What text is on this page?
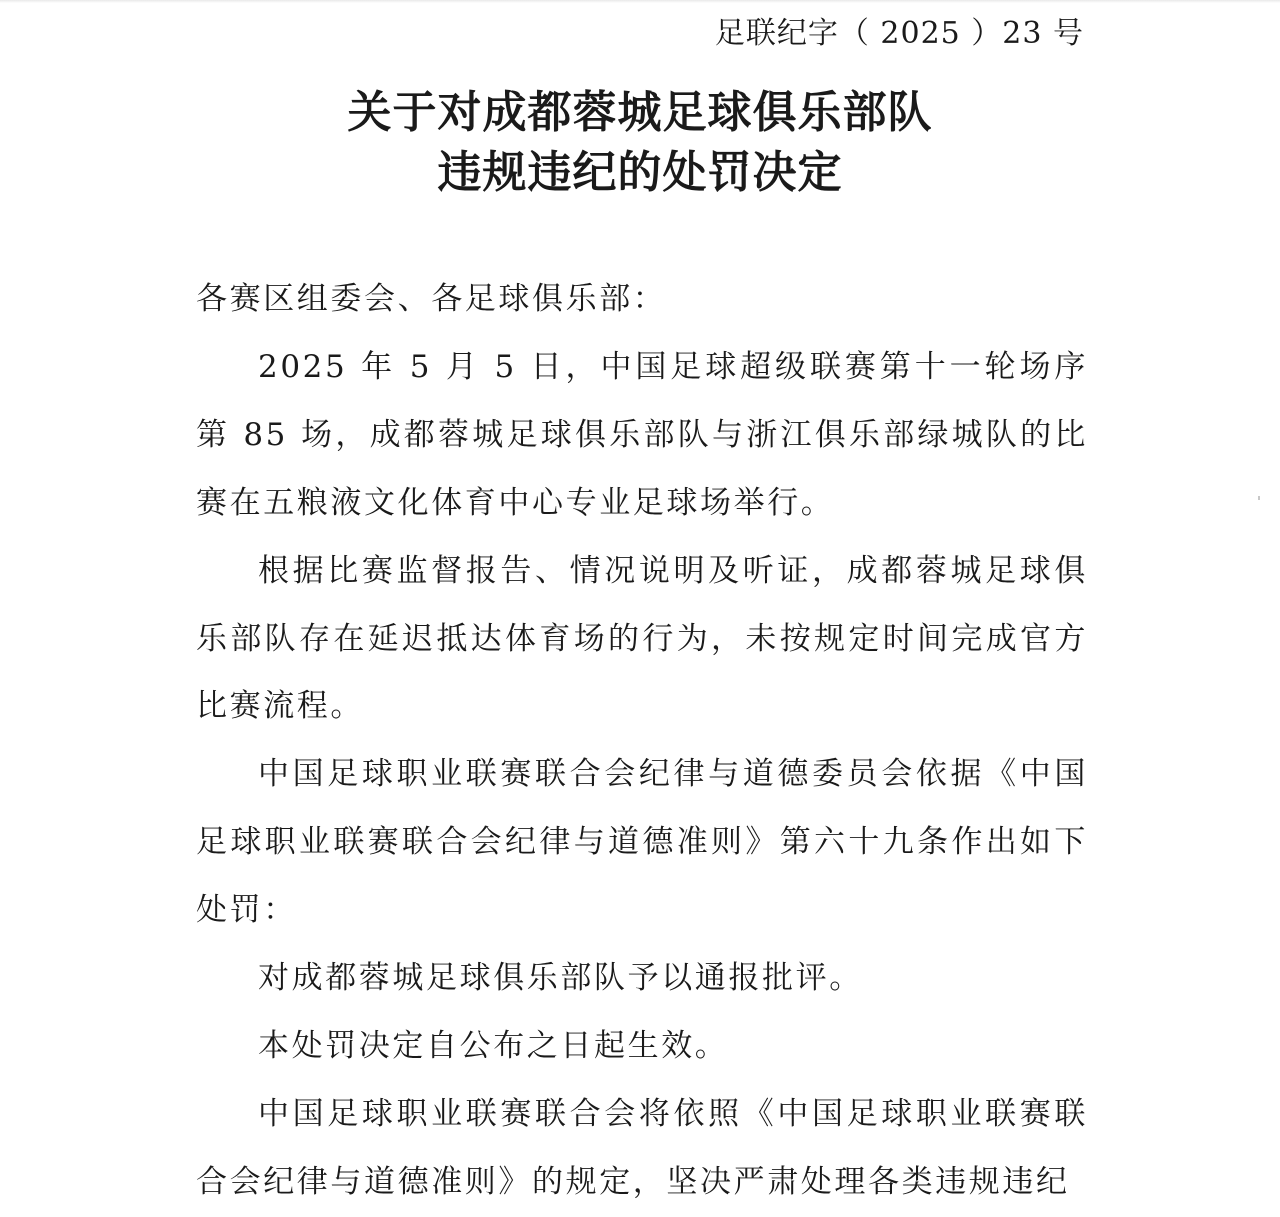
足联纪字（ 2025 ）23 号
关于对成都蓉城足球俱乐部队
违规违纪的处罚决定

各赛区组委会、各足球俱乐部：

2025 年 5 月 5 日，中国足球超级联赛第十一轮场序第 85 场，成都蓉城足球俱乐部队与浙江俱乐部绿城队的比赛在五粮液文化体育中心专业足球场举行。

根据比赛监督报告、情况说明及听证，成都蓉城足球俱乐部队存在延迟抵达体育场的行为，未按规定时间完成官方比赛流程。

中国足球职业联赛联合会纪律与道德委员会依据《中国足球职业联赛联合会纪律与道德准则》第六十九条作出如下处罚：

对成都蓉城足球俱乐部队予以通报批评。

本处罚决定自公布之日起生效。

中国足球职业联赛联合会将依照《中国足球职业联赛联合会纪律与道德准则》的规定，坚决严肃处理各类违规违纪
